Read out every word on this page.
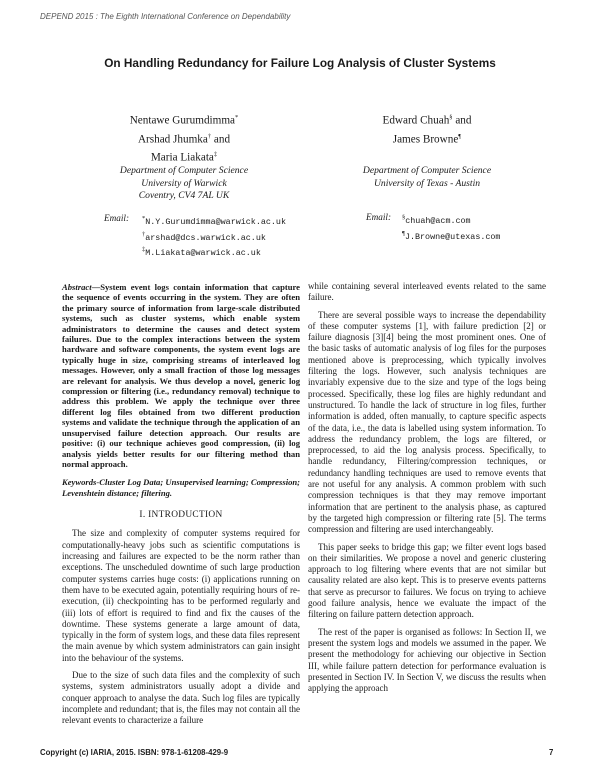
DEPEND 2015 : The Eighth International Conference on Dependability
On Handling Redundancy for Failure Log Analysis of Cluster Systems
Nentawe Gurumdimma*
Arshad Jhumka† and
Maria Liakata‡
Department of Computer Science
University of Warwick
Coventry, CV4 7AL UK
Email: *N.Y.Gurumdimma@warwick.ac.uk
†arshad@dcs.warwick.ac.uk
‡M.Liakata@warwick.ac.uk
Edward Chuah§ and
James Browne¶
Department of Computer Science
University of Texas - Austin
Email: §chuah@acm.com
¶J.Browne@utexas.com
Abstract—System event logs contain information that capture the sequence of events occurring in the system. They are often the primary source of information from large-scale distributed systems, such as cluster systems, which enable system administrators to determine the causes and detect system failures. Due to the complex interactions between the system hardware and software components, the system event logs are typically huge in size, comprising streams of interleaved log messages. However, only a small fraction of those log messages are relevant for analysis. We thus develop a novel, generic log compression or filtering (i.e., redundancy removal) technique to address this problem. We apply the technique over three different log files obtained from two different production systems and validate the technique through the application of an unsupervised failure detection approach. Our results are positive: (i) our technique achieves good compression, (ii) log analysis yields better results for our filtering method than normal approach.
Keywords-Cluster Log Data; Unsupervised learning; Compression; Levenshtein distance; filtering.
I. INTRODUCTION

The size and complexity of computer systems required for computationally-heavy jobs such as scientific computations is increasing and failures are expected to be the norm rather than exceptions. The unscheduled downtime of such large production computer systems carries huge costs: (i) applications running on them have to be executed again, potentially requiring hours of re-execution, (ii) checkpointing has to be performed regularly and (iii) lots of effort is required to find and fix the causes of the downtime. These systems generate a large amount of data, typically in the form of system logs, and these data files represent the main avenue by which system administrators can gain insight into the behaviour of the systems.

Due to the size of such data files and the complexity of such systems, system administrators usually adopt a divide and conquer approach to analyse the data. Such log files are typically incomplete and redundant; that is, the files may not contain all the relevant events to characterize a failure

while containing several interleaved events related to the same failure.

There are several possible ways to increase the dependability of these computer systems [1], with failure prediction [2] or failure diagnosis [3][4] being the most prominent ones. One of the basic tasks of automatic analysis of log files for the purposes mentioned above is preprocessing, which typically involves filtering the logs. However, such analysis techniques are invariably expensive due to the size and type of the logs being processed. Specifically, these log files are highly redundant and unstructured. To handle the lack of structure in log files, further information is added, often manually, to capture specific aspects of the data, i.e., the data is labelled using system information. To address the redundancy problem, the logs are filtered, or preprocessed, to aid the log analysis process. Specifically, to handle redundancy, Filtering/compression techniques, or redundancy handling techniques are used to remove events that are not useful for any analysis. A common problem with such compression techniques is that they may remove important information that are pertinent to the analysis phase, as captured by the targeted high compression or filtering rate [5]. The terms compression and filtering are used interchangeably.

This paper seeks to bridge this gap; we filter event logs based on their similarities. We propose a novel and generic clustering approach to log filtering where events that are not similar but causality related are also kept. This is to preserve events patterns that serve as precursor to failures. We focus on trying to achieve good failure analysis, hence we evaluate the impact of the filtering on failure pattern detection approach.

The rest of the paper is organised as follows: In Section II, we present the system logs and models we assumed in the paper. We present the methodology for achieving our objective in Section III, while failure pattern detection for performance evaluation is presented in Section IV. In Section V, we discuss the results when applying the approach

Copyright (c) IARIA, 2015. ISBN: 978-1-61208-429-9	7
